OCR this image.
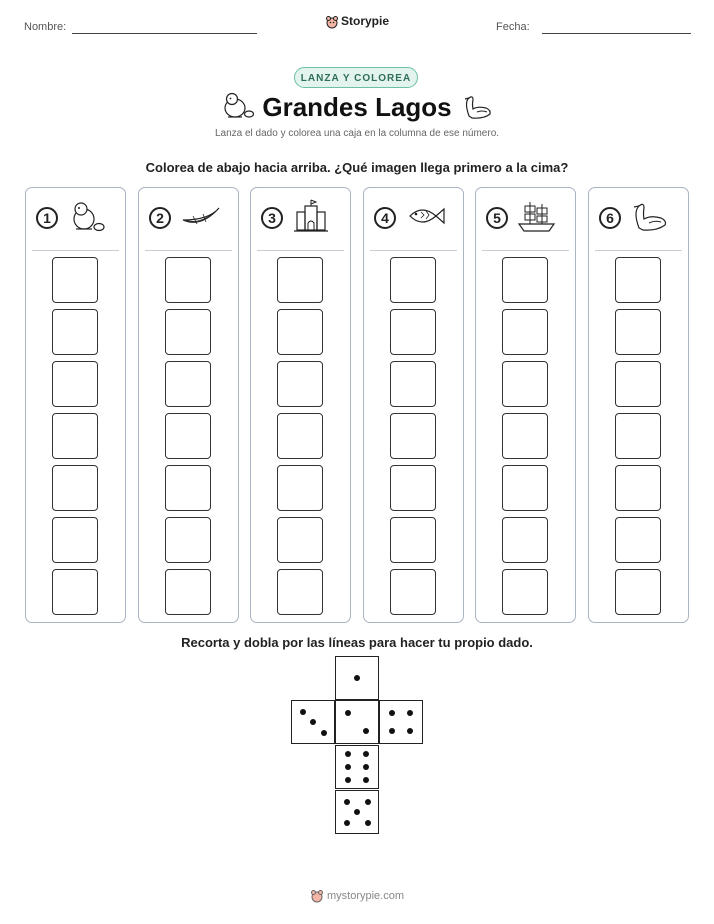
Nombre:	Storypie	Fecha:
LANZA Y COLOREA
Grandes Lagos
Lanza el dado y colorea una caja en la columna de ese número.
Colorea de abajo hacia arriba. ¿Qué imagen llega primero a la cima?
1	2	3	4	5	6
Recorta y dobla por las líneas para hacer tu propio dado.
mystorypie.com
